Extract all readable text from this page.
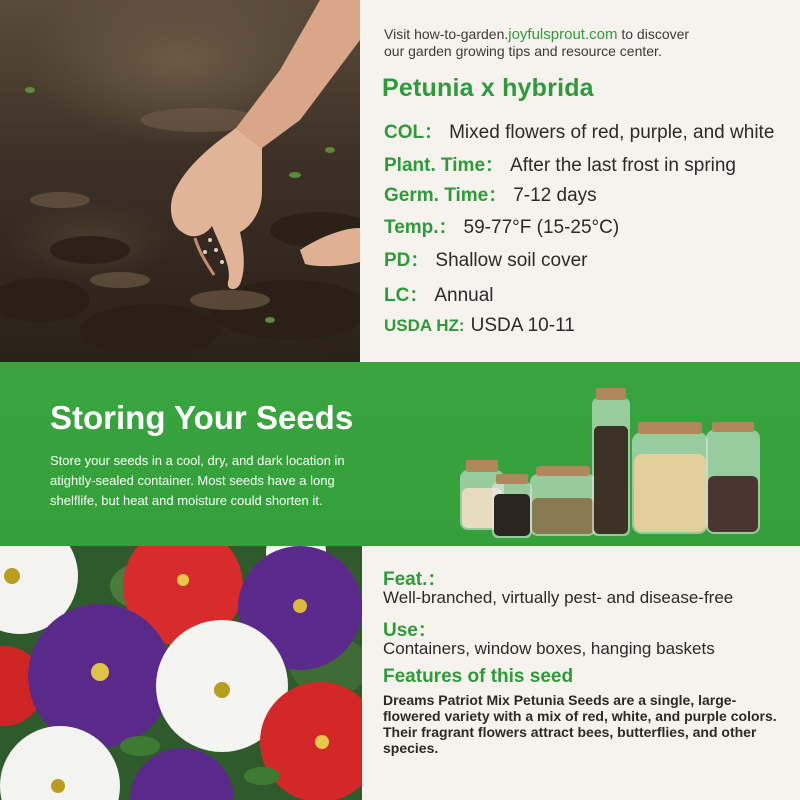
Visit how-to-garden.joyfulsprout.com to discover
our garden growing tips and resource center.
Petunia x hybrida
COL： Mixed flowers of red, purple, and white
Plant. Time： After the last frost in spring
Germ. Time： 7-12 days
Temp.： 59-77°F (15-25°C)
PD： Shallow soil cover
LC： Annual
USDA HZ: USDA 10-11
Storing Your Seeds
Store your seeds in a cool, dry, and dark location in atightly-sealed container. Most seeds have a long shelflife, but heat and moisture could shorten it.
Feat.：
Well-branched, virtually pest- and disease-free
Use：
Containers, window boxes, hanging baskets
Features of this seed
Dreams Patriot Mix Petunia Seeds are a single, large-flowered variety with a mix of red, white, and purple colors. Their fragrant flowers attract bees, butterflies, and other species.
